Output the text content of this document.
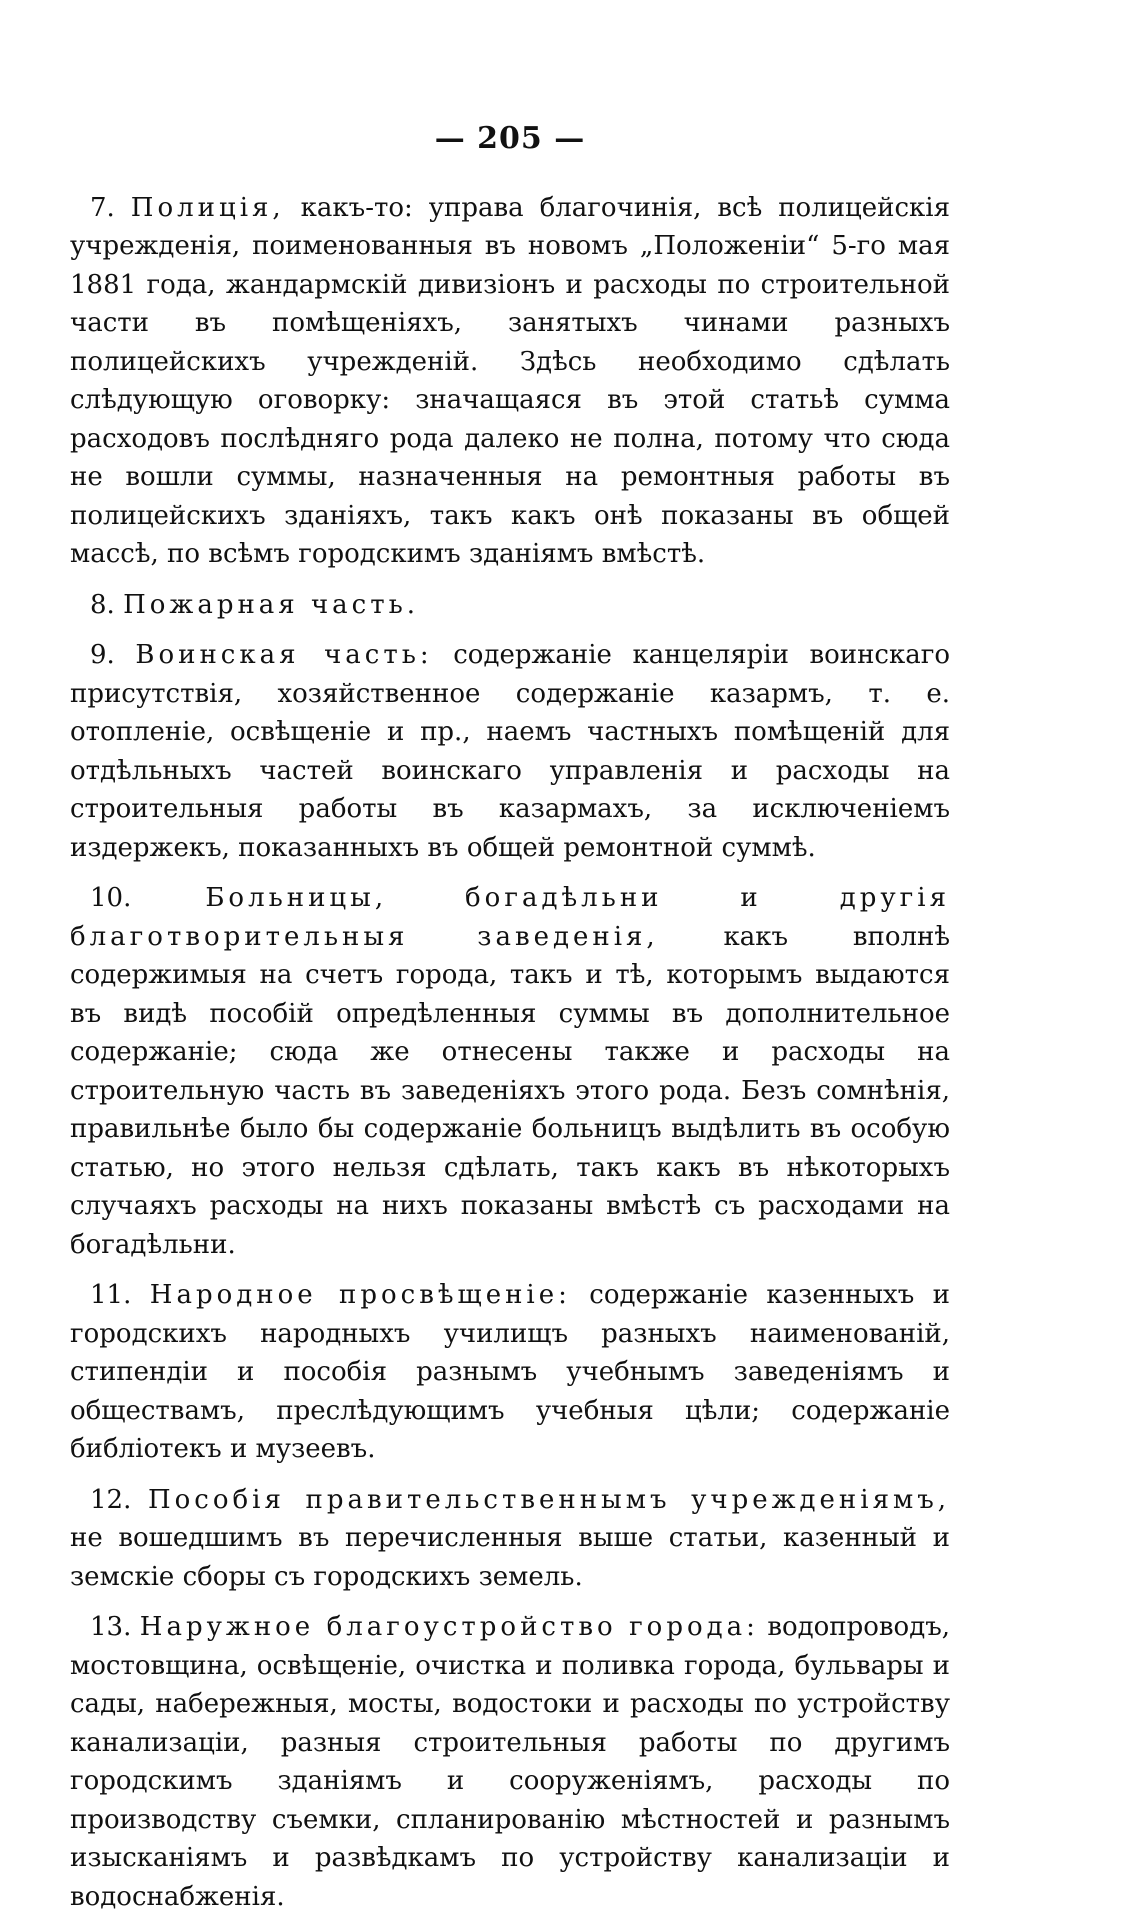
— 205 —

7. Полиція, какъ-то: управа благочинія, всѣ полицейскія учрежденія, поименованныя въ новомъ „Положеніи“ 5-го мая 1881 года, жандармскій дивизіонъ и расходы по строительной части въ помѣщеніяхъ, занятыхъ чинами разныхъ полицейскихъ учрежденій. Здѣсь необходимо сдѣлать слѣдующую оговорку: значащаяся въ этой статьѣ сумма расходовъ послѣдняго рода далеко не полна, потому что сюда не вошли суммы, назначенныя на ремонтныя работы въ полицейскихъ зданіяхъ, такъ какъ онѣ показаны въ общей массѣ, по всѣмъ городскимъ зданіямъ вмѣстѣ.

8. Пожарная часть.

9. Воинская часть: содержаніе канцеляріи воинскаго присутствія, хозяйственное содержаніе казармъ, т. е. отопленіе, освѣщеніе и пр., наемъ частныхъ помѣщеній для отдѣльныхъ частей воинскаго управленія и расходы на строительныя работы въ казармахъ, за исключеніемъ издержекъ, показанныхъ въ общей ремонтной суммѣ.

10.	Больницы, богадѣльни и другія благотворительныя заведенія, какъ вполнѣ содержимыя на счетъ города, такъ и тѣ, которымъ выдаются въ видѣ пособій опредѣленныя суммы въ дополнительное содержаніе; сюда же отнесены также и расходы на строительную часть въ заведеніяхъ этого рода. Безъ сомнѣнія, правильнѣе было бы содержаніе больницъ выдѣлить въ особую статью, но этого нельзя сдѣлать, такъ какъ въ нѣкоторыхъ случаяхъ расходы на нихъ показаны вмѣстѣ съ расходами на богадѣльни.

11. Народное просвѣщеніе: содержаніе казенныхъ и городскихъ народныхъ училищъ разныхъ наименованій, стипендіи и пособія разнымъ учебнымъ заведеніямъ и обществамъ, преслѣдующимъ учебныя цѣли; содержаніе библіотекъ и музеевъ.

12. Пособія правительственнымъ учрежденіямъ, не вошедшимъ въ перечисленныя выше статьи, казенный и земскіе сборы съ городскихъ земель.

13. Наружное благоустройство города: водопроводъ, мостовщина, освѣщеніе, очистка и поливка города, бульвары и сады, набережныя, мосты, водостоки и расходы по устройству канализаціи, разныя строительныя работы по другимъ городскимъ зданіямъ и сооруженіямъ, расходы по производству съемки, спланированію мѣстностей и разнымъ изысканіямъ и развѣдкамъ по устройству канализаціи и водоснабженія.
